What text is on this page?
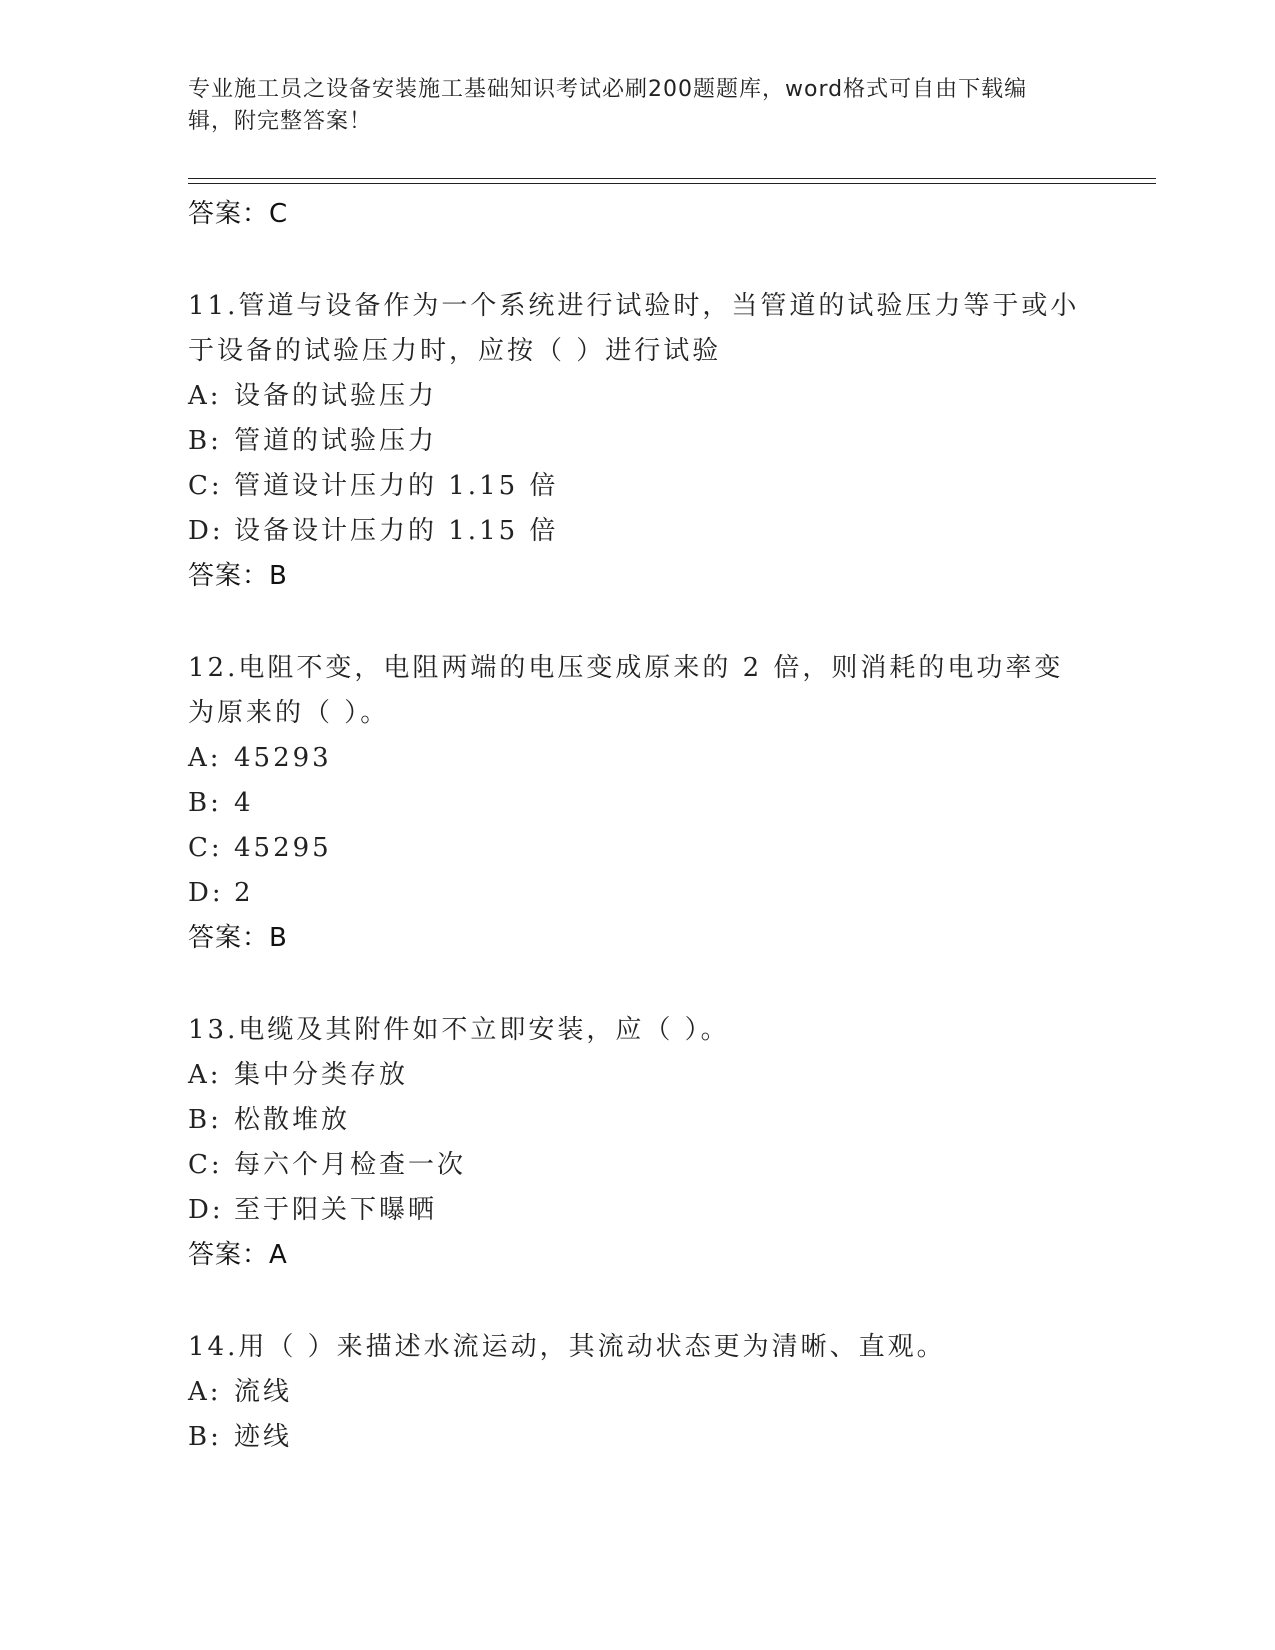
专业施工员之设备安装施工基础知识考试必刷200题题库，word格式可自由下载编辑，附完整答案！
答案：C
11.管道与设备作为一个系统进行试验时，当管道的试验压力等于或小于设备的试验压力时，应按（ ）进行试验
A: 设备的试验压力
B: 管道的试验压力
C: 管道设计压力的 1.15 倍
D: 设备设计压力的 1.15 倍
答案：B
12.电阻不变，电阻两端的电压变成原来的 2 倍，则消耗的电功率变为原来的（ ）。
A: 45293
B: 4
C: 45295
D: 2
答案：B
13.电缆及其附件如不立即安装，应（ ）。
A: 集中分类存放
B: 松散堆放
C: 每六个月检查一次
D: 至于阳关下曝晒
答案：A
14.用（ ）来描述水流运动，其流动状态更为清晰、直观。
A: 流线
B: 迹线
